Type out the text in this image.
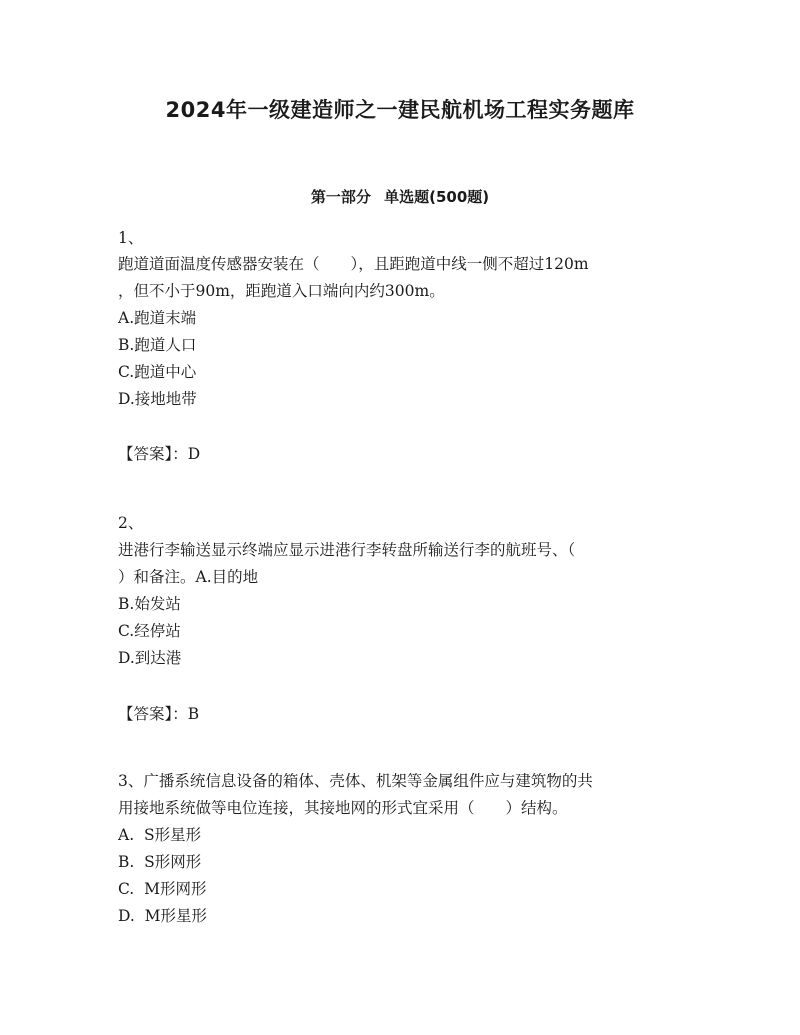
2024年一级建造师之一建民航机场工程实务题库
第一部分 单选题(500题)
1、
跑道道面温度传感器安装在（　　），且距跑道中线一侧不超过120m
，但不小于90m，距跑道入口端向内约300m。
A.跑道末端
B.跑道人口
C.跑道中心
D.接地地带
【答案】：D
2、
进港行李输送显示终端应显示进港行李转盘所输送行李的航班号、（
）和备注。A.目的地
B.始发站
C.经停站
D.到达港
【答案】：B
3、广播系统信息设备的箱体、壳体、机架等金属组件应与建筑物的共
用接地系统做等电位连接，其接地网的形式宜采用（　　）结构。
A.  S形星形
B.  S形网形
C.  M形网形
D.  M形星形
